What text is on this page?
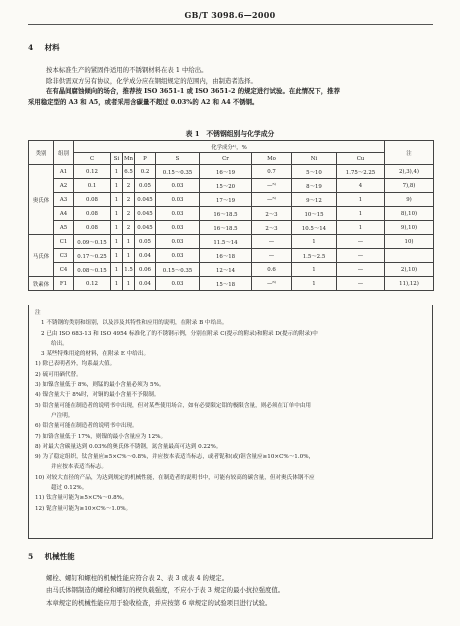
GB/T 3098.6—2000
4 材料
按本标准生产的紧固件适用的不锈钢材料在表 1 中给出。
除非供需双方另有协议，化学成分应在钢组规定的范围内，由制造者选择。
在有晶间腐蚀倾向的场合，推荐按 ISO 3651-1 或 ISO 3651-2 的规定进行试验。在此情况下，推荐
采用稳定型的 A3 和 A5，或者采用含碳量不超过 0.03%的 A2 和 A4 不锈钢。
表 1　不锈钢组别与化学成分
类别	组别	化学成分¹⁾，%									注
		C	Si	Mn	P	S	Cr	Mo	Ni	Cu	
奥氏体	A1	0.12	1	6.5	0.2	0.15～0.35	16～19	0.7	5～10	1.75～2.25	2),3),4)
	A2	0.1	1	2	0.05	0.03	15～20	—⁵⁾	8～19	4	7),8)
	A3	0.08	1	2	0.045	0.03	17～19	—⁵⁾	9～12	1	9)
	A4	0.08	1	2	0.045	0.03	16～18.5	2～3	10～15	1	8),10)
	A5	0.08	1	2	0.045	0.03	16～18.5	2～3	10.5～14	1	9),10)
马氏体	C1	0.09～0.15	1	1	0.05	0.03	11.5～14	—	1	—	10)
	C3	0.17～0.25	1	1	0.04	0.03	16～18	—	1.5～2.5	—	
	C4	0.08～0.15	1	1.5	0.06	0.15～0.35	12～14	0.6	1	—	2),10)
铁素体	F1	0.12	1	1	0.04	0.03	15～18	—⁶⁾	1	—	11),12)
注
1 不锈钢的类别和组别，以及涉及其特性和应用的说明，在附录 B 中给出。
2 已由 ISO 683-13 和 ISO 4954 标准化了的不锈钢示例，分别在附录 C(提示的附录)和附录 D(提示的附录)中
给出。
3 某些特殊用途的材料，在附录 E 中给出。
1) 除已表明者外，均系最大值。
2) 硫可用硒代替。
3) 如镍含量低于 8%，则锰的最小含量必须为 5%。
4) 镍含量大于 8%时，对铜的最小含量不予限制。
5) 钼含量可能在制造者的说明书中出现，但对某些使用场合，如有必要限定钼的极限含量，则必须在订单中由用
户注明。
6) 钼含量可能在制造者的说明书中出现。
7) 如铬含量低于 17%，则镍的最小含量应为 12%。
8) 对最大含碳量达到 0.03%的奥氏体不锈钢，氮含量最高可达到 0.22%。
9) 为了稳定组织，钛含量应≥5×C%～0.8%，并应按本表适当标志，或者铌和(或)钽含量应≥10×C%～1.0%，
并应按本表适当标志。
10) 对较大直径的产品，为达到规定的机械性能，在制造者的说明书中，可能有较高的碳含量，但对奥氏体钢不应
超过 0.12%。
11) 钛含量可能为≥5×C%～0.8%。
12) 铌含量可能为≥10×C%～1.0%。
5 机械性能
螺栓、螺钉和螺柱的机械性能应符合表 2、表 3 或表 4 的规定。
由马氏体钢制造的螺栓和螺钉的楔负载强度，不应小于表 3 规定的最小抗拉强度值。
本章规定的机械性能应用于验收检查，并应按第 6 章规定的试验项目进行试验。
